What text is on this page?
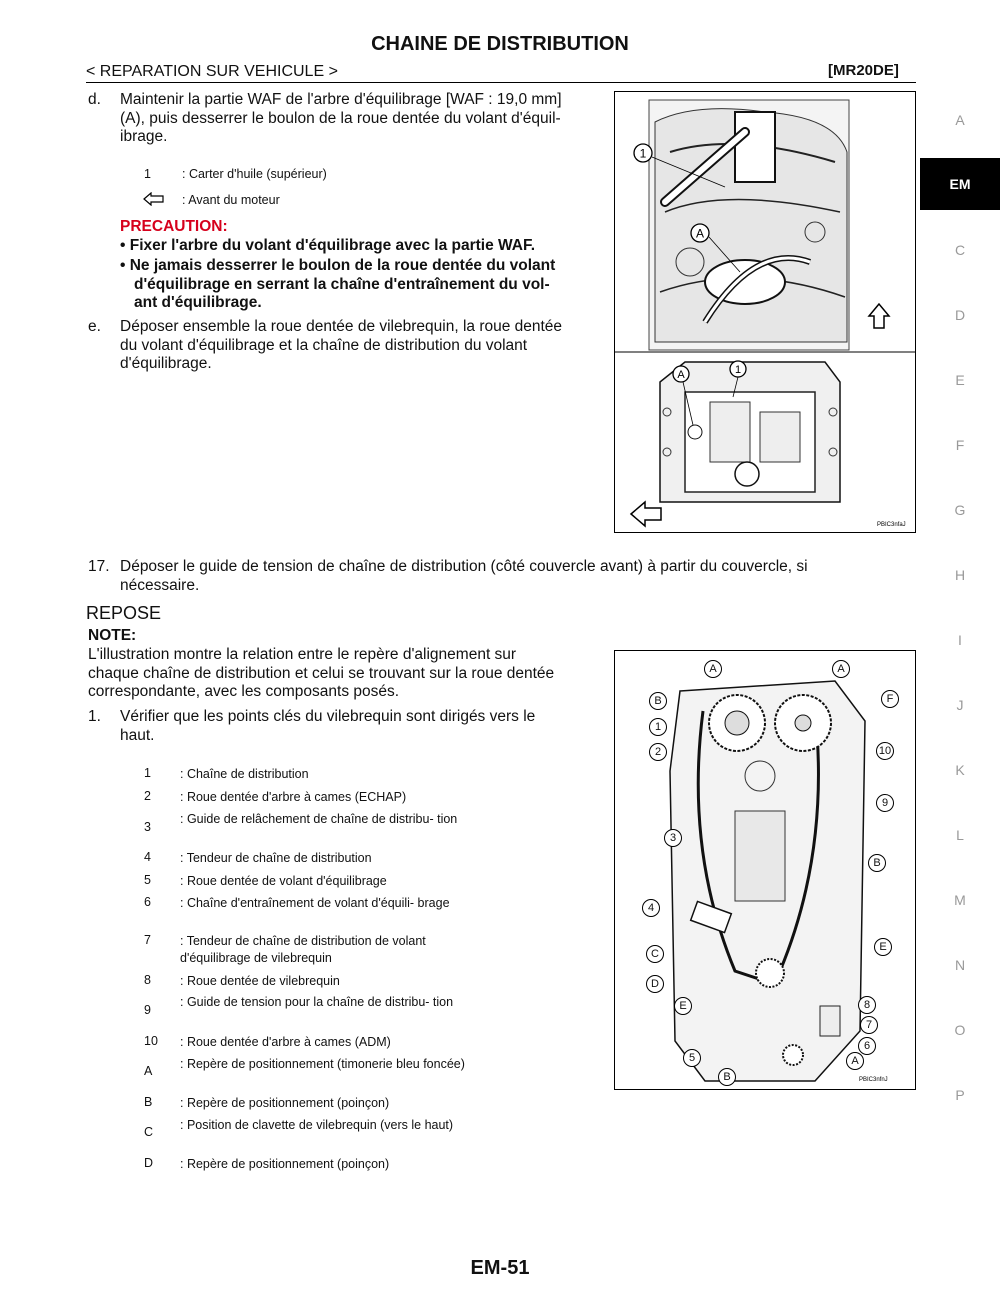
CHAINE DE DISTRIBUTION
< REPARATION SUR VEHICULE >	[MR20DE]
d. Maintenir la partie WAF de l'arbre d'équilibrage [WAF : 19,0 mm]
(A), puis desserrer le boulon de la roue dentée du volant d'équil-
ibrage.
1 : Carter d'huile (supérieur)
: Avant du moteur
PRECAUTION:
• Fixer l'arbre du volant d'équilibrage avec la partie WAF.
• Ne jamais desserrer le boulon de la roue dentée du volant
d'équilibrage en serrant la chaîne d'entraînement du vol-
ant d'équilibrage.
e. Déposer ensemble la roue dentée de vilebrequin, la roue dentée
du volant d'équilibrage et la chaîne de distribution du volant
d'équilibrage.
1
A
A	1
PBIC3nfaJ
17. Déposer le guide de tension de chaîne de distribution (côté couvercle avant) à partir du couvercle, si
nécessaire.
REPOSE
NOTE:
L'illustration montre la relation entre le repère d'alignement sur
chaque chaîne de distribution et celui se trouvant sur la roue dentée
correspondante, avec les composants posés.
1. Vérifier que les points clés du vilebrequin sont dirigés vers le
haut.
1 : Chaîne de distribution
2 : Roue dentée d'arbre à cames (ECHAP)
3
: Guide de relâchement de chaîne de distribu- tion
4 : Tendeur de chaîne de distribution
5 : Roue dentée de volant d'équilibrage
6 : Chaîne d'entraînement de volant d'équili- brage
7 : Tendeur de chaîne de distribution de volant d'équilibrage de vilebrequin
8 : Roue dentée de vilebrequin
9
: Guide de tension pour la chaîne de distribu- tion
10 : Roue dentée d'arbre à cames (ADM)
A : Repère de positionnement (timonerie bleu foncée)
B : Repère de positionnement (poinçon)
C : Position de clavette de vilebrequin (vers le haut)
D : Repère de positionnement (poinçon)
A	A
B	F
1
2	10
9
3
B
4
E
C
D
E	8
7
6
5	A
B	PBIC3nfnJ
A
C
D
E
F
G
H
I
J
K
L
M
N
O
P
EM
EM-51
